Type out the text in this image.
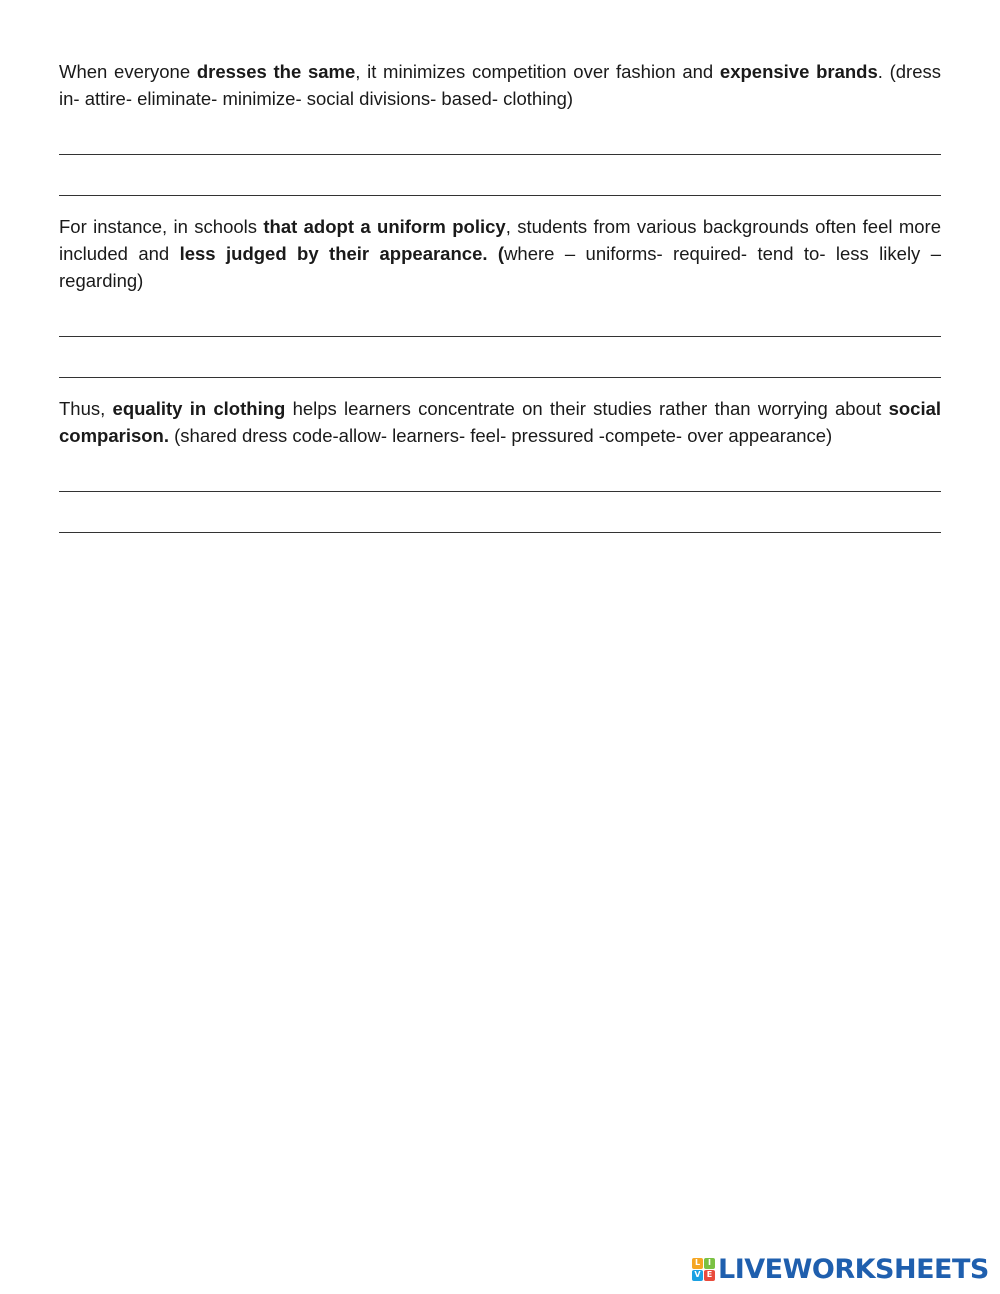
When everyone dresses the same, it minimizes competition over fashion and expensive brands. (dress in- attire- eliminate- minimize- social divisions- based- clothing)

For instance, in schools that adopt a uniform policy, students from various backgrounds often feel more included and less judged by their appearance. (where – uniforms- required- tend to- less likely – regarding)

Thus, equality in clothing helps learners concentrate on their studies rather than worrying about social comparison. (shared dress code-allow- learners- feel- pressured -compete- over appearance)

L I
V E LIVEWORKSHEETS
